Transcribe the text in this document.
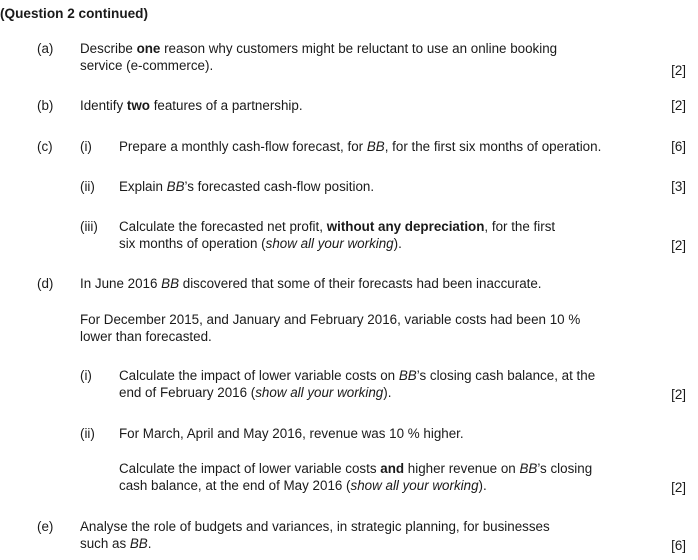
(Question 2 continued)
(a) Describe one reason why customers might be reluctant to use an online booking
service (e-commerce).	[2]
(b) Identify two features of a partnership.	[2]
(c) (i) Prepare a monthly cash-flow forecast, for BB, for the first six months of operation.	[6]
(ii) Explain BB’s forecasted cash-flow position.	[3]
(iii) Calculate the forecasted net profit, without any depreciation, for the first
six months of operation (show all your working).	[2]
(d) In June 2016 BB discovered that some of their forecasts had been inaccurate.
For December 2015, and January and February 2016, variable costs had been 10 %
lower than forecasted.
(i) Calculate the impact of lower variable costs on BB’s closing cash balance, at the
end of February 2016 (show all your working).	[2]
(ii) For March, April and May 2016, revenue was 10 % higher.
Calculate the impact of lower variable costs and higher revenue on BB’s closing
cash balance, at the end of May 2016 (show all your working).	[2]
(e) Analyse the role of budgets and variances, in strategic planning, for businesses
such as BB.	[6]
